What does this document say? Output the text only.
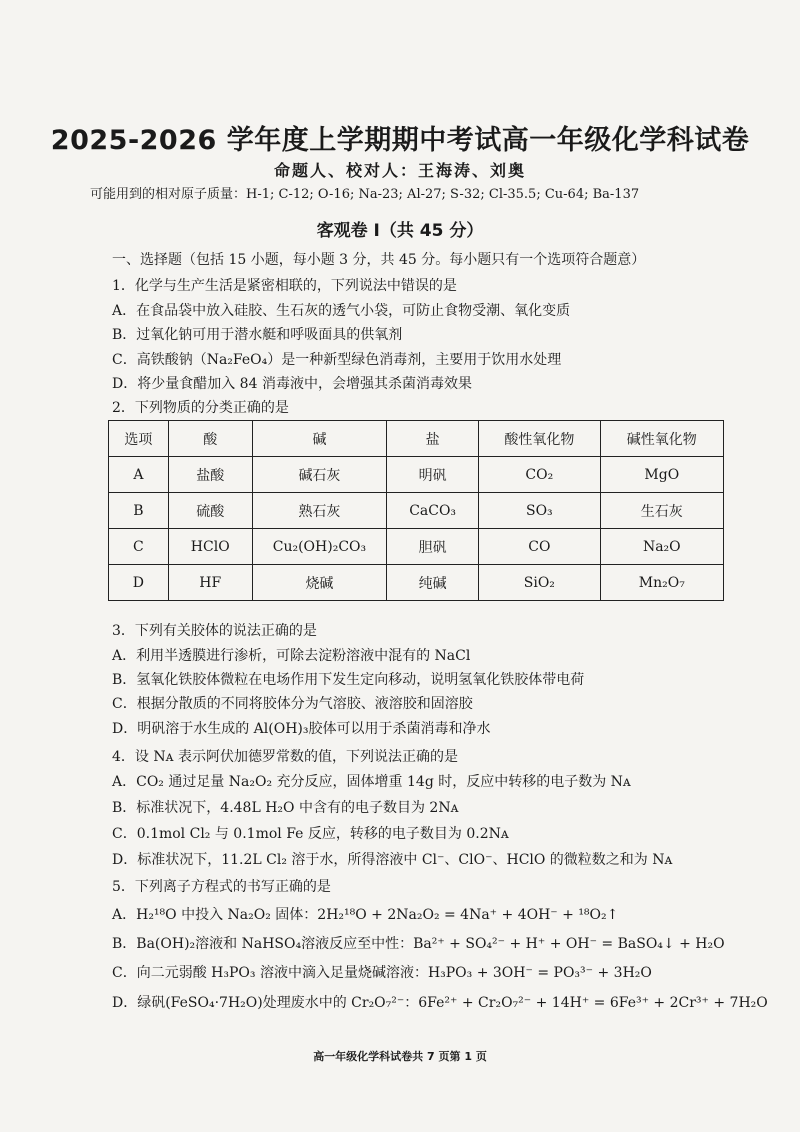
2025-2026 学年度上学期期中考试高一年级化学科试卷
命题人、校对人：王海涛、刘奥
可能用到的相对原子质量：H-1; C-12; O-16; Na-23; Al-27; S-32; Cl-35.5; Cu-64; Ba-137
客观卷 I（共 45 分）
一、选择题（包括 15 小题，每小题 3 分，共 45 分。每小题只有一个选项符合题意）
1．化学与生产生活是紧密相联的，下列说法中错误的是
A．在食品袋中放入硅胶、生石灰的透气小袋，可防止食物受潮、氧化变质
B．过氧化钠可用于潜水艇和呼吸面具的供氧剂
C．高铁酸钠（Na₂FeO₄）是一种新型绿色消毒剂，主要用于饮用水处理
D．将少量食醋加入 84 消毒液中，会增强其杀菌消毒效果
2．下列物质的分类正确的是
选项	酸	碱	盐	酸性氧化物	碱性氧化物
A	盐酸	碱石灰	明矾	CO₂	MgO
B	硫酸	熟石灰	CaCO₃	SO₃	生石灰
C	HClO	Cu₂(OH)₂CO₃	胆矾	CO	Na₂O
D	HF	烧碱	纯碱	SiO₂	Mn₂O₇
3．下列有关胶体的说法正确的是
A．利用半透膜进行渗析，可除去淀粉溶液中混有的 NaCl
B．氢氧化铁胶体微粒在电场作用下发生定向移动，说明氢氧化铁胶体带电荷
C．根据分散质的不同将胶体分为气溶胶、液溶胶和固溶胶
D．明矾溶于水生成的 Al(OH)₃胶体可以用于杀菌消毒和净水
4．设 Nᴀ 表示阿伏加德罗常数的值，下列说法正确的是
A．CO₂ 通过足量 Na₂O₂ 充分反应，固体增重 14g 时，反应中转移的电子数为 Nᴀ
B．标准状况下，4.48L H₂O 中含有的电子数目为 2Nᴀ
C．0.1mol Cl₂ 与 0.1mol Fe 反应，转移的电子数目为 0.2Nᴀ
D．标准状况下，11.2L Cl₂ 溶于水，所得溶液中 Cl⁻、ClO⁻、HClO 的微粒数之和为 Nᴀ
5．下列离子方程式的书写正确的是
A．H₂¹⁸O 中投入 Na₂O₂ 固体：2H₂¹⁸O + 2Na₂O₂ = 4Na⁺ + 4OH⁻ + ¹⁸O₂↑
B．Ba(OH)₂溶液和 NaHSO₄溶液反应至中性：Ba²⁺ + SO₄²⁻ + H⁺ + OH⁻ = BaSO₄↓ + H₂O
C．向二元弱酸 H₃PO₃ 溶液中滴入足量烧碱溶液：H₃PO₃ + 3OH⁻ = PO₃³⁻ + 3H₂O
D．绿矾(FeSO₄·7H₂O)处理废水中的 Cr₂O₇²⁻：6Fe²⁺ + Cr₂O₇²⁻ + 14H⁺ = 6Fe³⁺ + 2Cr³⁺ + 7H₂O
高一年级化学科试卷共 7 页第 1 页
